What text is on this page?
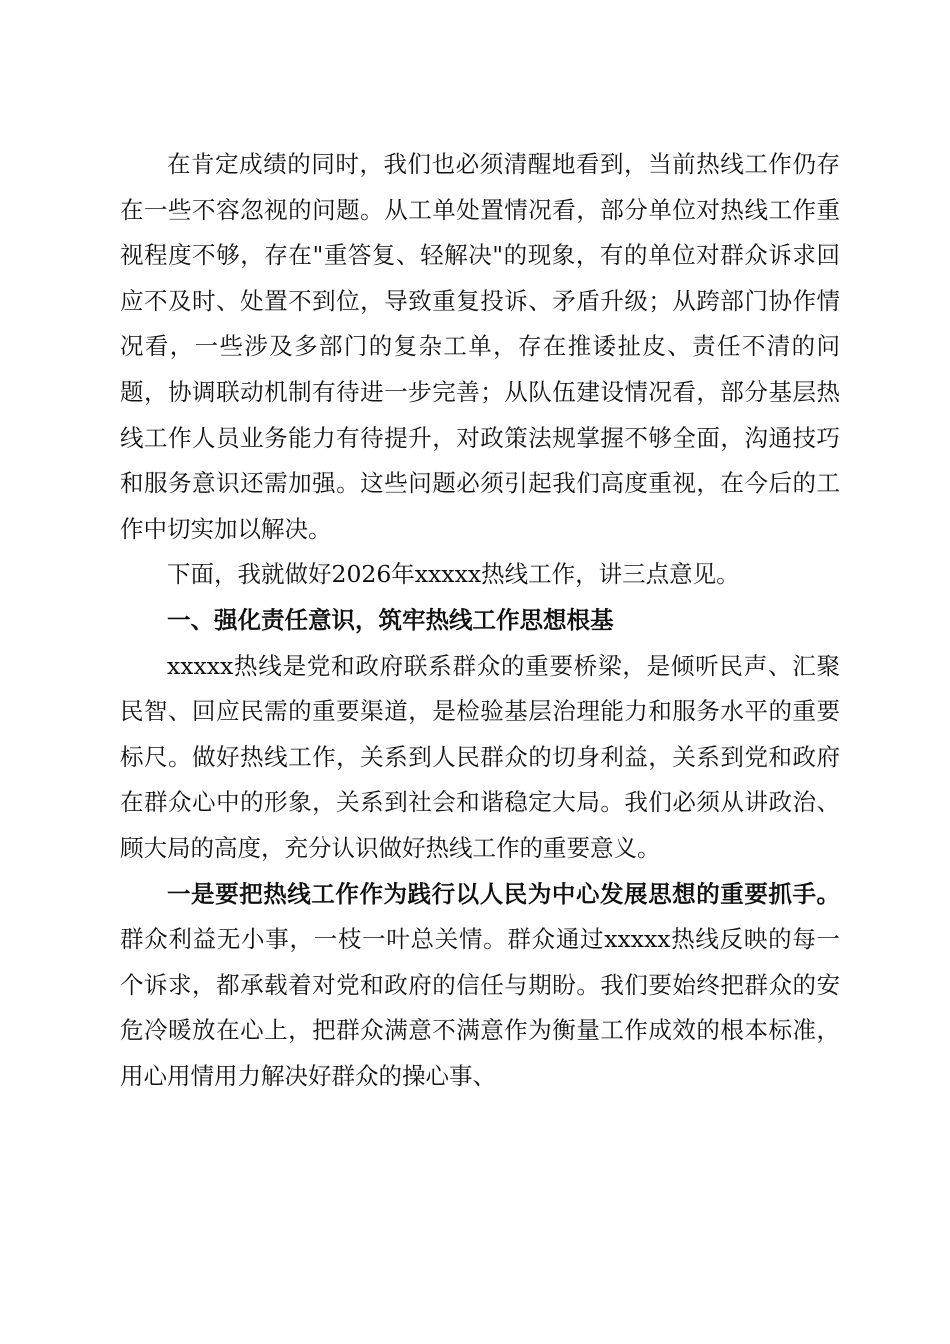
在肯定成绩的同时，我们也必须清醒地看到，当前热线工作仍存在一些不容忽视的问题。从工单处置情况看，部分单位对热线工作重视程度不够，存在"重答复、轻解决"的现象，有的单位对群众诉求回应不及时、处置不到位，导致重复投诉、矛盾升级；从跨部门协作情况看，一些涉及多部门的复杂工单，存在推诿扯皮、责任不清的问题，协调联动机制有待进一步完善；从队伍建设情况看，部分基层热线工作人员业务能力有待提升，对政策法规掌握不够全面，沟通技巧和服务意识还需加强。这些问题必须引起我们高度重视，在今后的工作中切实加以解决。

下面，我就做好2026年xxxxx热线工作，讲三点意见。

一、强化责任意识，筑牢热线工作思想根基

xxxxx热线是党和政府联系群众的重要桥梁，是倾听民声、汇聚民智、回应民需的重要渠道，是检验基层治理能力和服务水平的重要标尺。做好热线工作，关系到人民群众的切身利益，关系到党和政府在群众心中的形象，关系到社会和谐稳定大局。我们必须从讲政治、顾大局的高度，充分认识做好热线工作的重要意义。

一是要把热线工作作为践行以人民为中心发展思想的重要抓手。群众利益无小事，一枝一叶总关情。群众通过xxxxx热线反映的每一个诉求，都承载着对党和政府的信任与期盼。我们要始终把群众的安危冷暖放在心上，把群众满意不满意作为衡量工作成效的根本标准，用心用情用力解决好群众的操心事、
